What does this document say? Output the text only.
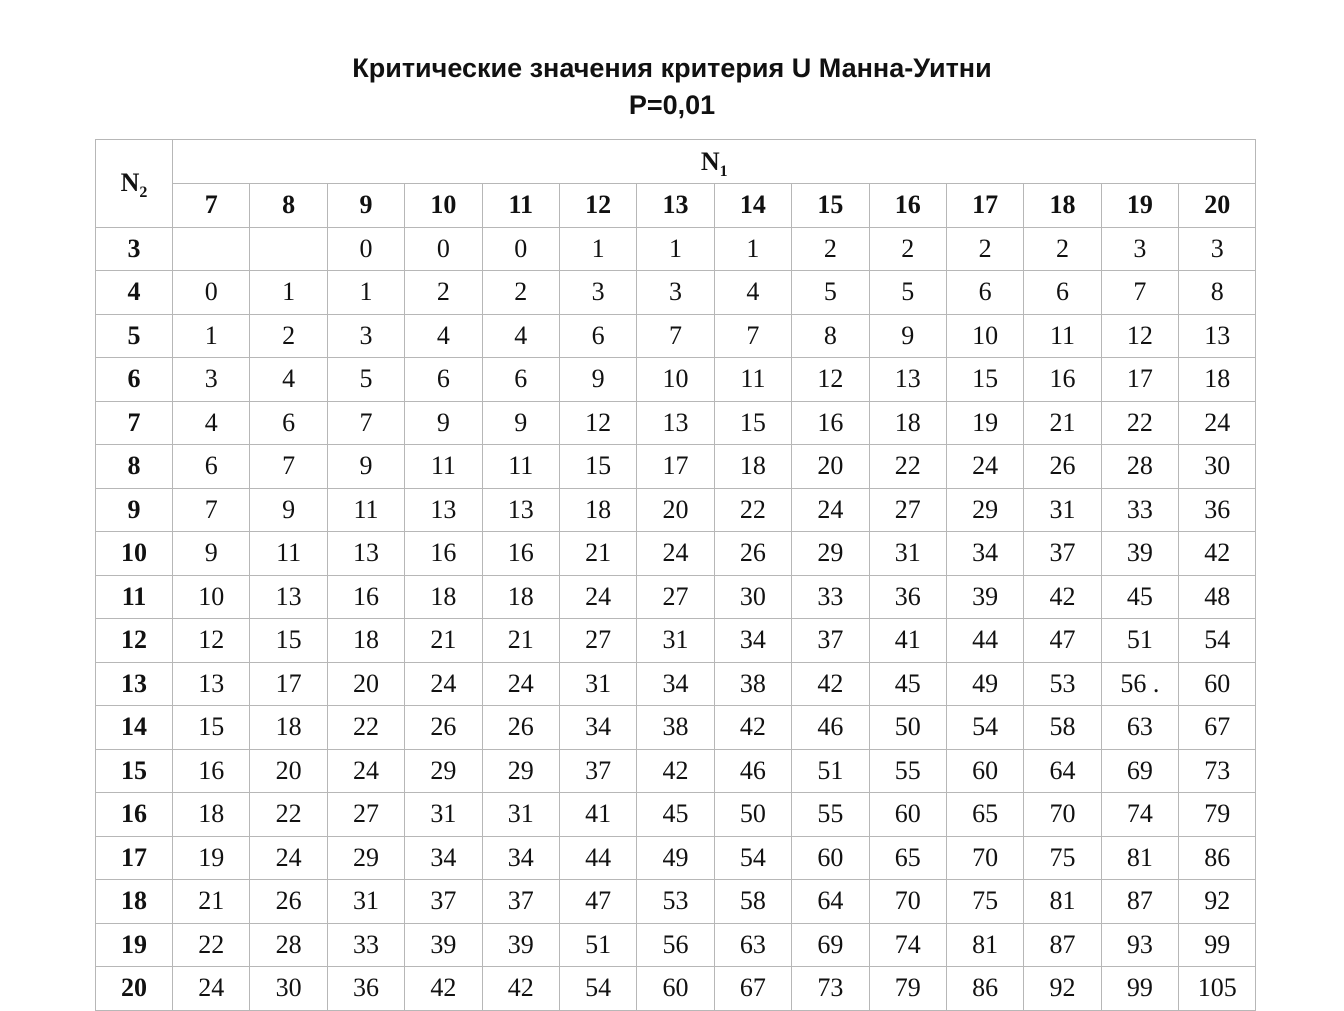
Критические значения критерия U Манна-Уитни
P=0,01
$N_2$	$N_1$
	7	8	9	10	11	12	13	14	15	16	17	18	19	20
3			0	0	0	1	1	1	2	2	2	2	3	3
4	0	1	1	2	2	3	3	4	5	5	6	6	7	8
5	1	2	3	4	4	6	7	7	8	9	10	11	12	13
6	3	4	5	6	6	9	10	11	12	13	15	16	17	18
7	4	6	7	9	9	12	13	15	16	18	19	21	22	24
8	6	7	9	11	11	15	17	18	20	22	24	26	28	30
9	7	9	11	13	13	18	20	22	24	27	29	31	33	36
10	9	11	13	16	16	21	24	26	29	31	34	37	39	42
11	10	13	16	18	18	24	27	30	33	36	39	42	45	48
12	12	15	18	21	21	27	31	34	37	41	44	47	51	54
13	13	17	20	24	24	31	34	38	42	45	49	53	56 .	60
14	15	18	22	26	26	34	38	42	46	50	54	58	63	67
15	16	20	24	29	29	37	42	46	51	55	60	64	69	73
16	18	22	27	31	31	41	45	50	55	60	65	70	74	79
17	19	24	29	34	34	44	49	54	60	65	70	75	81	86
18	21	26	31	37	37	47	53	58	64	70	75	81	87	92
19	22	28	33	39	39	51	56	63	69	74	81	87	93	99
20	24	30	36	42	42	54	60	67	73	79	86	92	99	105
